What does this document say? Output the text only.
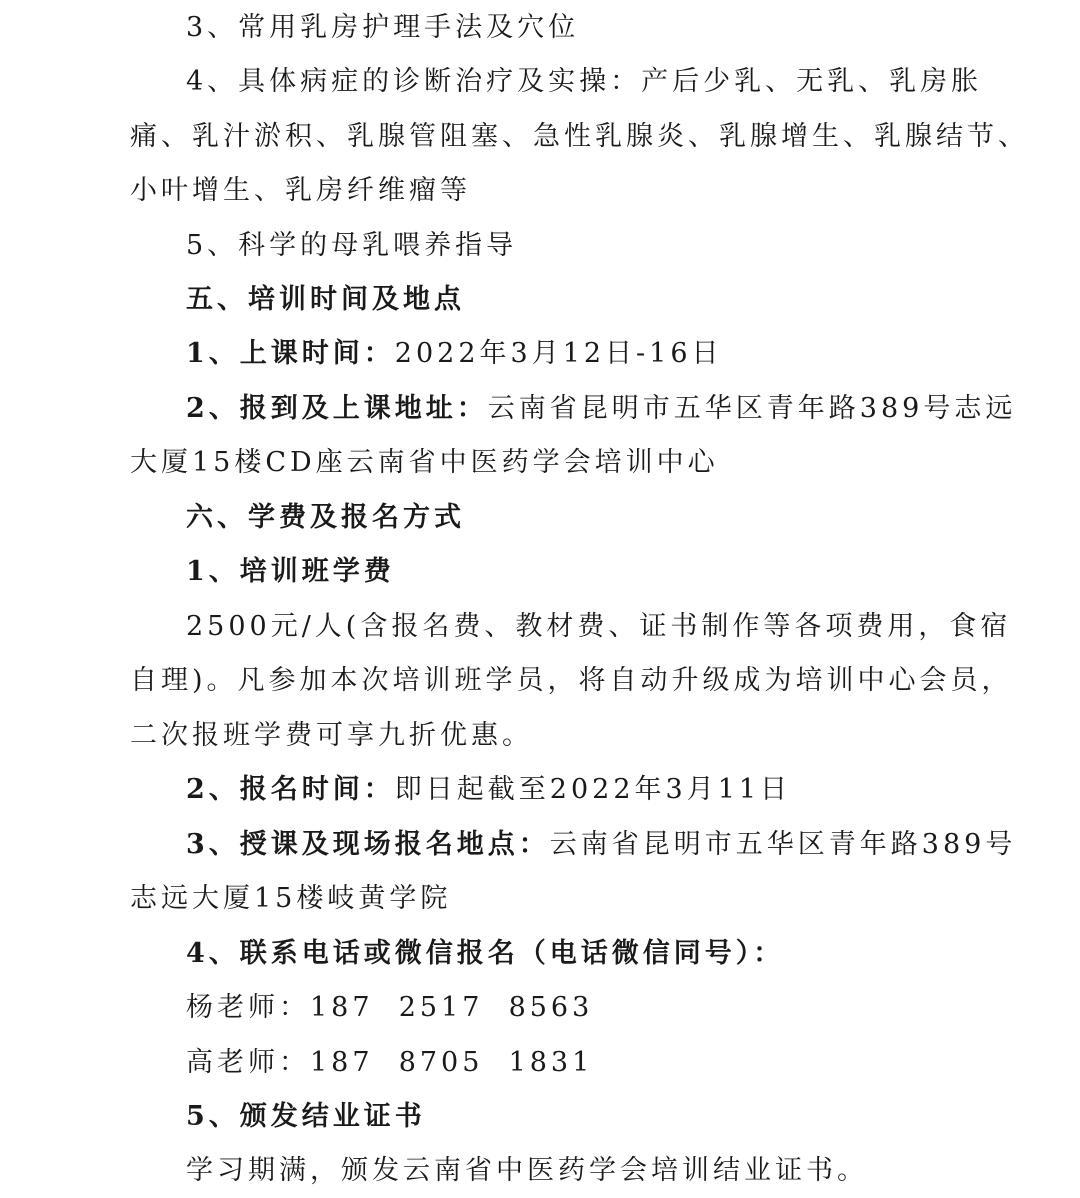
3、常用乳房护理手法及穴位
4、具体病症的诊断治疗及实操：产后少乳、无乳、乳房胀
痛、乳汁淤积、乳腺管阻塞、急性乳腺炎、乳腺增生、乳腺结节、
小叶增生、乳房纤维瘤等
5、科学的母乳喂养指导
五、培训时间及地点
1、上课时间：2022年3月12日-16日
2、报到及上课地址：云南省昆明市五华区青年路389号志远
大厦15楼CD座云南省中医药学会培训中心
六、学费及报名方式
1、培训班学费
2500元/人(含报名费、教材费、证书制作等各项费用，食宿
自理)。凡参加本次培训班学员，将自动升级成为培训中心会员，
二次报班学费可享九折优惠。
2、报名时间：即日起截至2022年3月11日
3、授课及现场报名地点：云南省昆明市五华区青年路389号
志远大厦15楼岐黄学院
4、联系电话或微信报名（电话微信同号）：
杨老师：187  2517  8563
高老师：187  8705  1831
5、颁发结业证书
学习期满，颁发云南省中医药学会培训结业证书。
